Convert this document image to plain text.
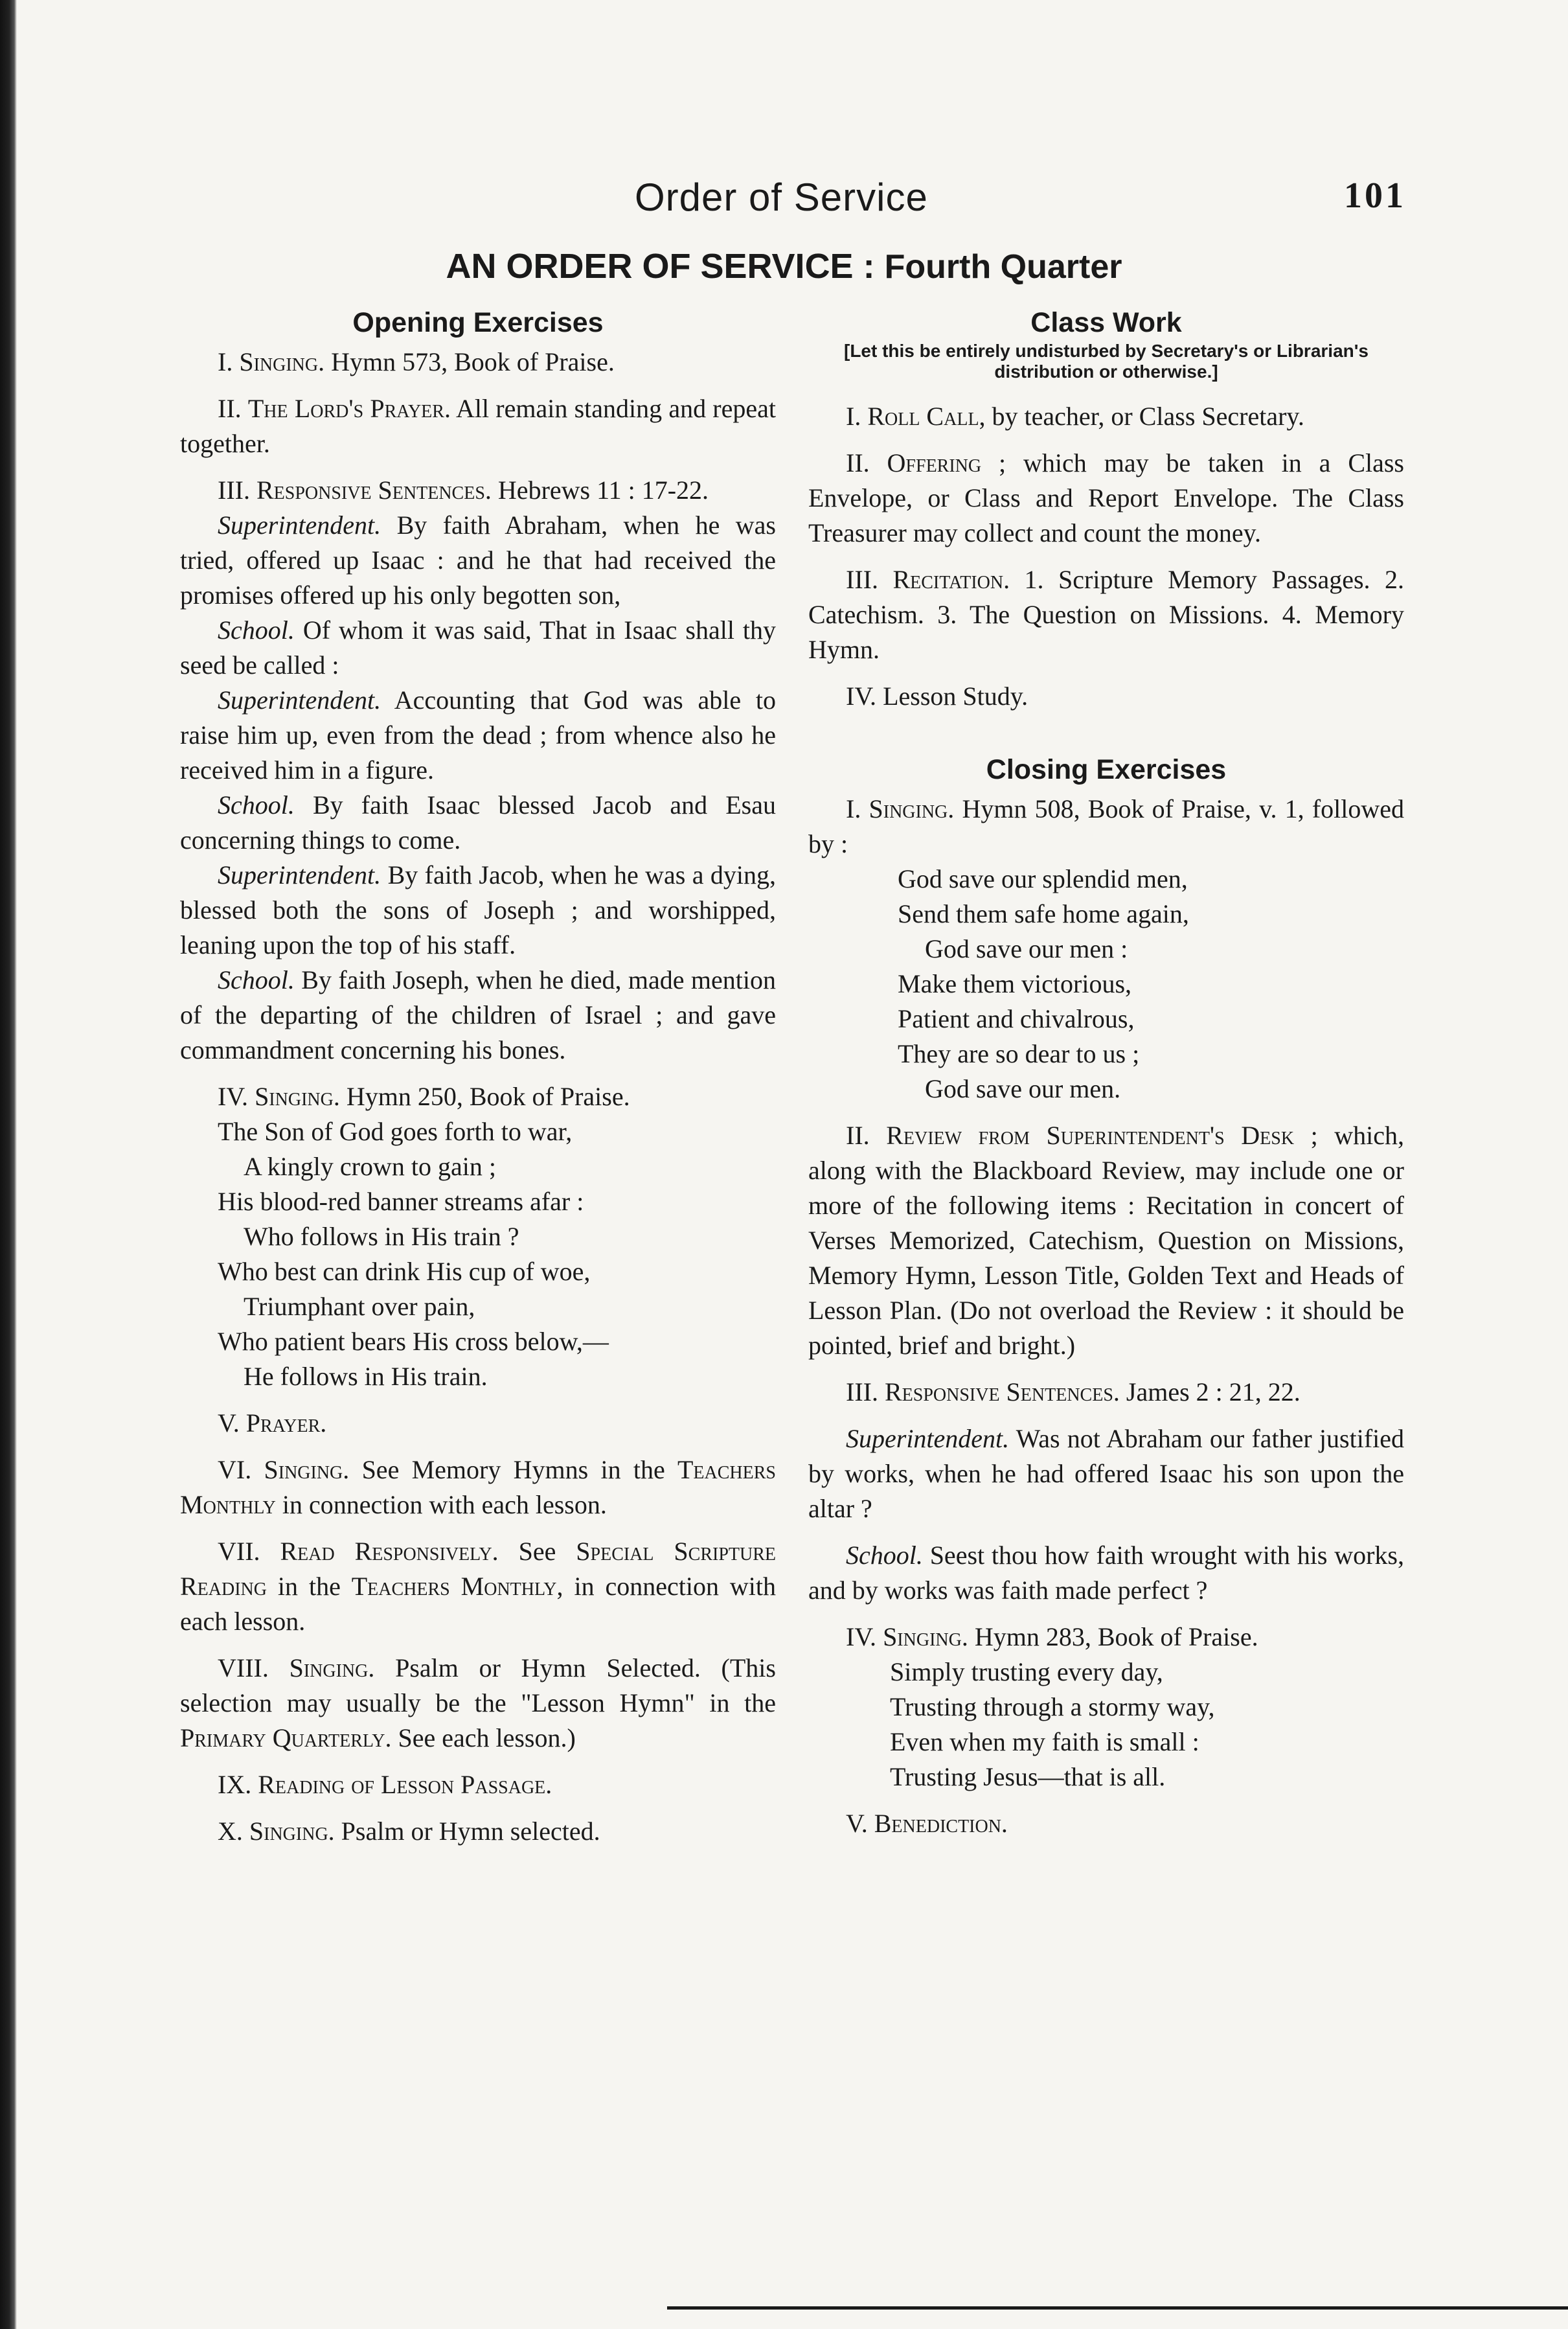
Order of Service	101
AN ORDER OF SERVICE : Fourth Quarter
Opening Exercises

I. Singing. Hymn 573, Book of Praise.

II. The Lord's Prayer. All remain standing and repeat together.

III. Responsive Sentences. Hebrews 11 : 17-22.

Superintendent. By faith Abraham, when he was tried, offered up Isaac : and he that had received the promises offered up his only begotten son,

School. Of whom it was said, That in Isaac shall thy seed be called :

Superintendent. Accounting that God was able to raise him up, even from the dead ; from whence also he received him in a figure.

School. By faith Isaac blessed Jacob and Esau concerning things to come.

Superintendent. By faith Jacob, when he was a dying, blessed both the sons of Joseph ; and worshipped, leaning upon the top of his staff.

School. By faith Joseph, when he died, made mention of the departing of the children of Israel ; and gave commandment concerning his bones.

IV. Singing. Hymn 250, Book of Praise.

The Son of God goes forth to war,
A kingly crown to gain ;
His blood-red banner streams afar :
Who follows in His train ?
Who best can drink His cup of woe,
Triumphant over pain,
Who patient bears His cross below,—
He follows in His train.

V. Prayer.

VI. Singing. See Memory Hymns in the Teachers Monthly in connection with each lesson.

VII. Read Responsively. See Special Scripture Reading in the Teachers Monthly, in connection with each lesson.

VIII. Singing. Psalm or Hymn Selected. (This selection may usually be the "Lesson Hymn" in the Primary Quarterly. See each lesson.)

IX. Reading of Lesson Passage.

X. Singing. Psalm or Hymn selected.

Class Work
[Let this be entirely undisturbed by Secretary's or Librarian's distribution or otherwise.]

I. Roll Call, by teacher, or Class Secretary.

II. Offering ; which may be taken in a Class Envelope, or Class and Report Envelope. The Class Treasurer may collect and count the money.

III. Recitation. 1. Scripture Memory Passages. 2. Catechism. 3. The Question on Missions. 4. Memory Hymn.

IV. Lesson Study.

Closing Exercises

I. Singing. Hymn 508, Book of Praise, v. 1, followed by :

God save our splendid men,
Send them safe home again,
God save our men :
Make them victorious,
Patient and chivalrous,
They are so dear to us ;
God save our men.

II. Review from Superintendent's Desk ; which, along with the Blackboard Review, may include one or more of the following items : Recitation in concert of Verses Memorized, Catechism, Question on Missions, Memory Hymn, Lesson Title, Golden Text and Heads of Lesson Plan. (Do not overload the Review : it should be pointed, brief and bright.)

III. Responsive Sentences. James 2 : 21, 22.

Superintendent. Was not Abraham our father justified by works, when he had offered Isaac his son upon the altar ?

School. Seest thou how faith wrought with his works, and by works was faith made perfect ?

IV. Singing. Hymn 283, Book of Praise.

Simply trusting every day,
Trusting through a stormy way,
Even when my faith is small :
Trusting Jesus—that is all.

V. Benediction.
